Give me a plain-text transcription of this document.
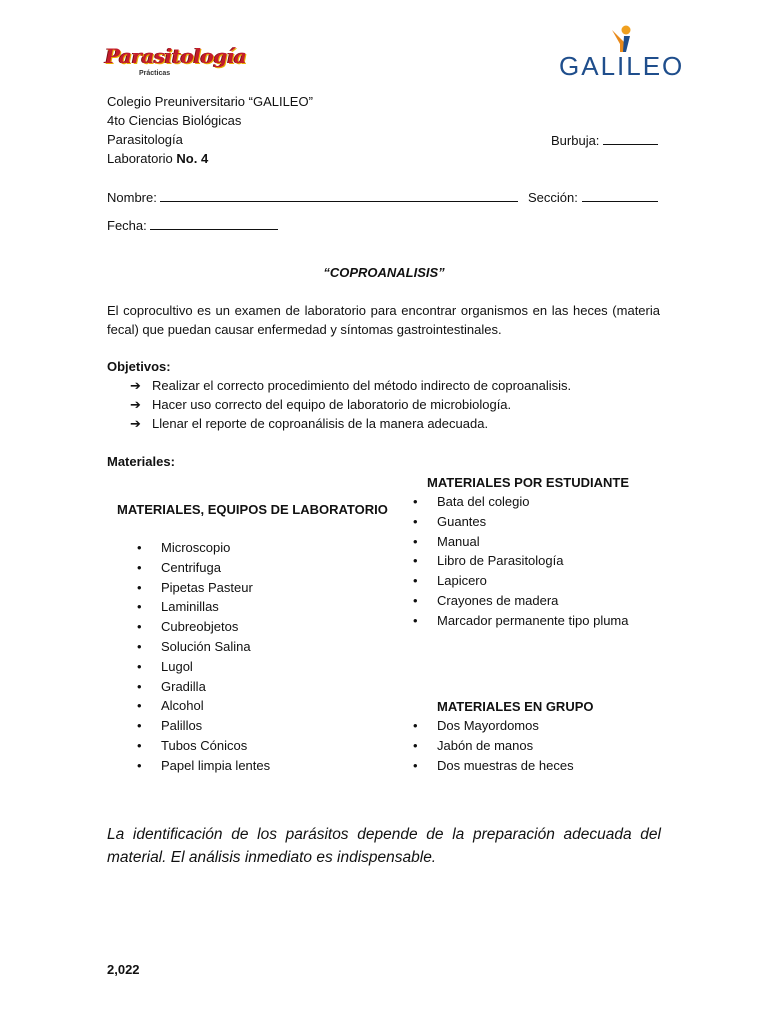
Parasitología
Prácticas	GALILEO
Colegio Preuniversitario “GALILEO”
4to Ciencias Biológicas
Parasitología
Laboratorio No. 4
Burbuja:
Nombre:	Sección:
Fecha:
“COPROANALISIS”
El coprocultivo es un examen de laboratorio para encontrar organismos en las heces (materia fecal) que puedan causar enfermedad y síntomas gastrointestinales.
Objetivos:
➔ Realizar el correcto procedimiento del método indirecto de coproanalisis.
➔ Hacer uso correcto del equipo de laboratorio de microbiología.
➔ Llenar el reporte de coproanálisis de la manera adecuada.
Materiales:
MATERIALES, EQUIPOS DE LABORATORIO
• Microscopio
• Centrifuga
• Pipetas Pasteur
• Laminillas
• Cubreobjetos
• Solución Salina
• Lugol
• Gradilla
• Alcohol
• Palillos
• Tubos Cónicos
• Papel limpia lentes
MATERIALES POR ESTUDIANTE
• Bata del colegio
• Guantes
• Manual
• Libro de Parasitología
• Lapicero
• Crayones de madera
• Marcador permanente tipo pluma
MATERIALES EN GRUPO
• Dos Mayordomos
• Jabón de manos
• Dos muestras de heces
La identificación de los parásitos depende de la preparación adecuada del material. El análisis inmediato es indispensable.
2,022
